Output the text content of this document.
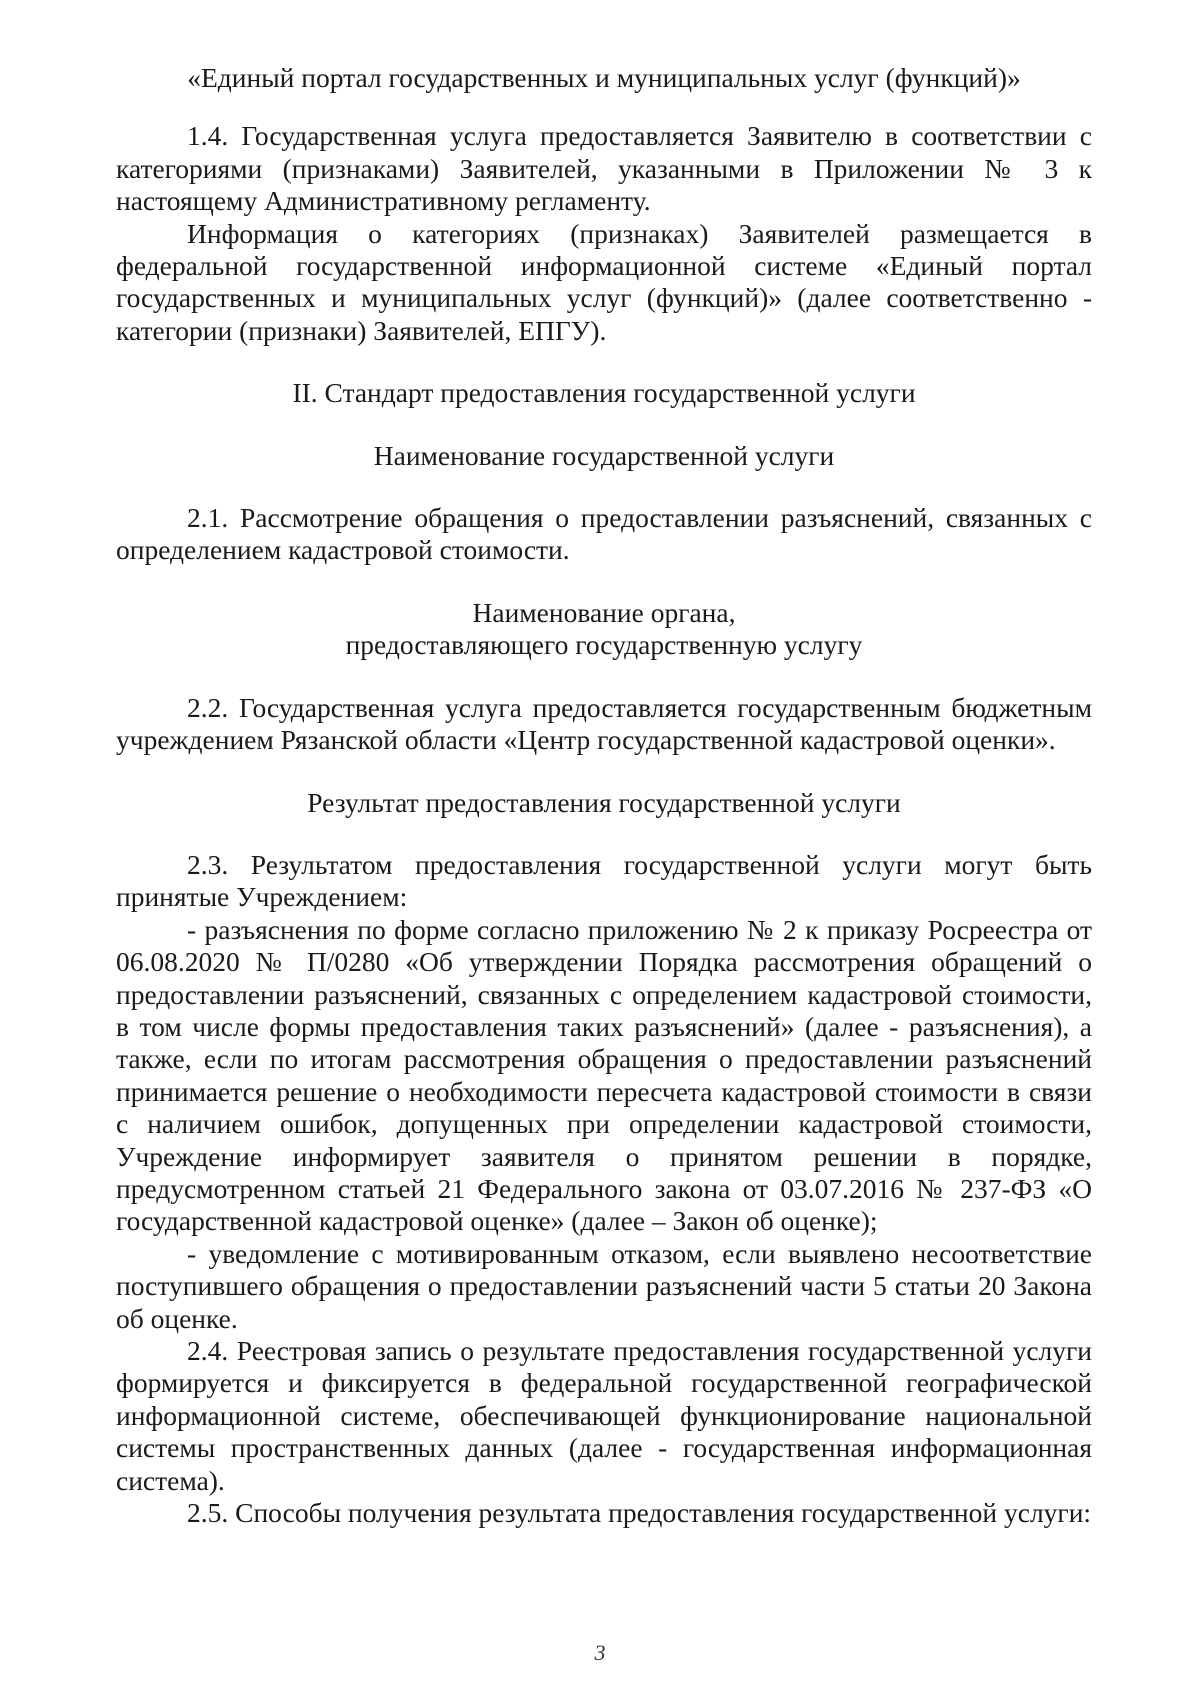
«Единый портал государственных и муниципальных услуг (функций)»

1.4. Государственная услуга предоставляется Заявителю в соответствии с категориями (признаками) Заявителей, указанными в Приложении № 3 к настоящему Административному регламенту.

Информация о категориях (признаках) Заявителей размещается в федеральной государственной информационной системе «Единый портал государственных и муниципальных услуг (функций)» (далее соответственно - категории (признаки) Заявителей, ЕПГУ).

II. Стандарт предоставления государственной услуги

Наименование государственной услуги

2.1. Рассмотрение обращения о предоставлении разъяснений, связанных с определением кадастровой стоимости.

Наименование органа,

предоставляющего государственную услугу

2.2. Государственная услуга предоставляется государственным бюджетным учреждением Рязанской области «Центр государственной кадастровой оценки».

Результат предоставления государственной услуги

2.3. Результатом предоставления государственной услуги могут быть принятые Учреждением:

- разъяснения по форме согласно приложению № 2 к приказу Росреестра от 06.08.2020 № П/0280 «Об утверждении Порядка рассмотрения обращений о предоставлении разъяснений, связанных с определением кадастровой стоимости, в том числе формы предоставления таких разъяснений» (далее - разъяснения), а также, если по итогам рассмотрения обращения о предоставлении разъяснений принимается решение о необходимости пересчета кадастровой стоимости в связи с наличием ошибок, допущенных при определении кадастровой стоимости, Учреждение информирует заявителя о принятом решении в порядке, предусмотренном статьей 21 Федерального закона от 03.07.2016 № 237-ФЗ «О государственной кадастровой оценке» (далее – Закон об оценке);

- уведомление с мотивированным отказом, если выявлено несоответствие поступившего обращения о предоставлении разъяснений части 5 статьи 20 Закона об оценке.

2.4. Реестровая запись о результате предоставления государственной услуги формируется и фиксируется в федеральной государственной географической информационной системе, обеспечивающей функционирование национальной системы пространственных данных (далее - государственная информационная система).

2.5. Способы получения результата предоставления государственной услуги:

3
